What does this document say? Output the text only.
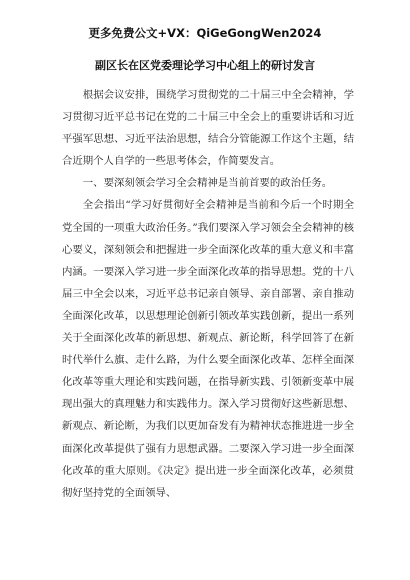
更多免费公文+VX：QiGeGongWen2024
副区长在区党委理论学习中心组上的研讨发言

根据会议安排，围绕学习贯彻党的二十届三中全会精神，学习贯彻习近平总书记在党的二十届三中全会上的重要讲话和习近平强军思想、习近平法治思想，结合分管能源工作这个主题，结合近期个人自学的一些思考体会，作简要发言。

一、要深刻领会学习全会精神是当前首要的政治任务。

全会指出“学习好贯彻好全会精神是当前和今后一个时期全党全国的一项重大政治任务。”我们要深入学习领会全会精神的核心要义，深刻领会和把握进一步全面深化改革的重大意义和丰富内涵。一要深入学习进一步全面深化改革的指导思想。党的十八届三中全会以来，习近平总书记亲自领导、亲自部署、亲自推动全面深化改革，以思想理论创新引领改革实践创新，提出一系列关于全面深化改革的新思想、新观点、新论断，科学回答了在新时代举什么旗、走什么路，为什么要全面深化改革、怎样全面深化改革等重大理论和实践问题，在指导新实践、引领新变革中展现出强大的真理魅力和实践伟力。深入学习贯彻好这些新思想、新观点、新论断，为我们以更加奋发有为精神状态推进进一步全面深化改革提供了强有力思想武器。二要深入学习进一步全面深化改革的重大原则。《决定》提出进一步全面深化改革，必须贯彻好坚持党的全面领导、
